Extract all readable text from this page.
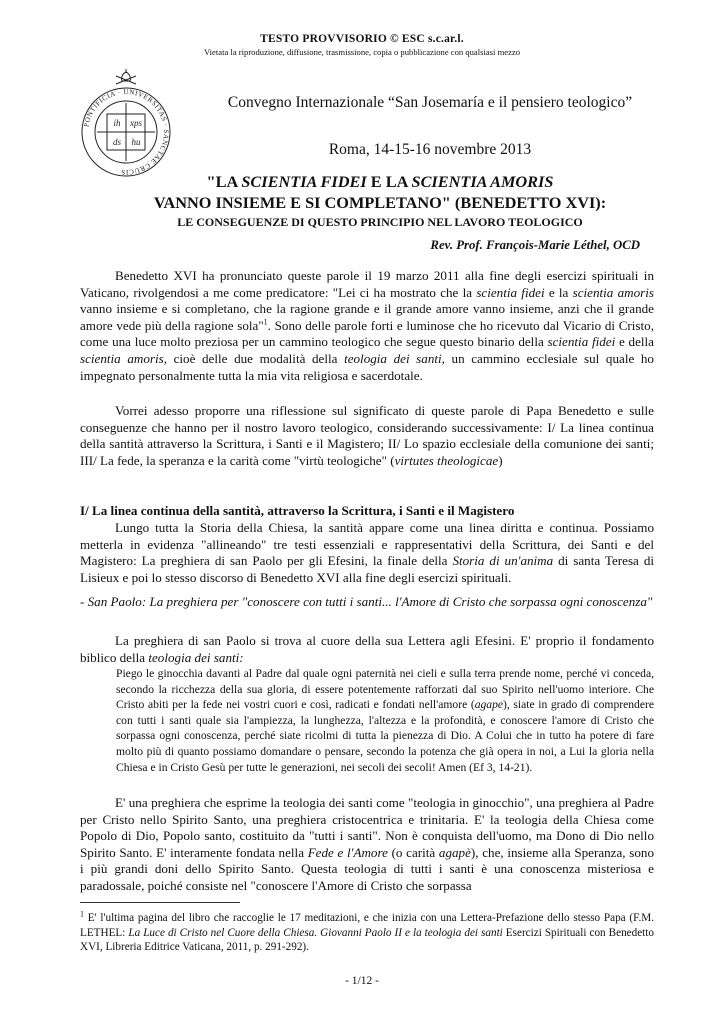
TESTO PROVVISORIO © ESC s.c.ar.l.
Vietata la riproduzione, diffusione, trasmissione, copia o pubblicazione con qualsiasi mezzo
PONTIFICIA · UNIVERSITAS · SANCTAE CRUCIS
ih xps
ds hu
Convegno Internazionale “San Josemaría e il pensiero teologico”
Roma, 14-15-16 novembre 2013
"LA SCIENTIA FIDEI E LA SCIENTIA AMORIS
VANNO INSIEME E SI COMPLETANO" (BENEDETTO XVI):
LE CONSEGUENZE DI QUESTO PRINCIPIO NEL LAVORO TEOLOGICO
Rev. Prof. François-Marie Léthel, OCD

Benedetto XVI ha pronunciato queste parole il 19 marzo 2011 alla fine degli esercizi spirituali in Vaticano, rivolgendosi a me come predicatore: "Lei ci ha mostrato che la scientia fidei e la scientia amoris vanno insieme e si completano, che la ragione grande e il grande amore vanno insieme, anzi che il grande amore vede più della ragione sola"$^1$. Sono delle parole forti e luminose che ho ricevuto dal Vicario di Cristo, come una luce molto preziosa per un cammino teologico che segue questo binario della scientia fidei e della scientia amoris, cioè delle due modalità della teologia dei santi, un cammino ecclesiale sul quale ho impegnato personalmente tutta la mia vita religiosa e sacerdotale.

Vorrei adesso proporre una riflessione sul significato di queste parole di Papa Benedetto e sulle conseguenze che hanno per il nostro lavoro teologico, considerando successivamente: I/ La linea continua della santità attraverso la Scrittura, i Santi e il Magistero; II/ Lo spazio ecclesiale della comunione dei santi; III/ La fede, la speranza e la carità come "virtù teologiche" (virtutes theologicae)

I/ La linea continua della santità, attraverso la Scrittura, i Santi e il Magistero

Lungo tutta la Storia della Chiesa, la santità appare come una linea diritta e continua. Possiamo metterla in evidenza "allineando" tre testi essenziali e rappresentativi della Scrittura, dei Santi e del Magistero: La preghiera di san Paolo per gli Efesini, la finale della Storia di un'anima di santa Teresa di Lisieux e poi lo stesso discorso di Benedetto XVI alla fine degli esercizi spirituali.

- San Paolo: La preghiera per "conoscere con tutti i santi... l'Amore di Cristo che sorpassa ogni conoscenza"

La preghiera di san Paolo si trova al cuore della sua Lettera agli Efesini. E' proprio il fondamento biblico della teologia dei santi:

Piego le ginocchia davanti al Padre dal quale ogni paternità nei cieli e sulla terra prende nome, perché vi conceda, secondo la ricchezza della sua gloria, di essere potentemente rafforzati dal suo Spirito nell'uomo interiore. Che Cristo abiti per la fede nei vostri cuori e così, radicati e fondati nell'amore (agape), siate in grado di comprendere con tutti i santi quale sia l'ampiezza, la lunghezza, l'altezza e la profondità, e conoscere l'amore di Cristo che sorpassa ogni conoscenza, perché siate ricolmi di tutta la pienezza di Dio. A Colui che in tutto ha potere di fare molto più di quanto possiamo domandare o pensare, secondo la potenza che già opera in noi, a Lui la gloria nella Chiesa e in Cristo Gesù per tutte le generazioni, nei secoli dei secoli! Amen (Ef 3, 14-21).

E' una preghiera che esprime la teologia dei santi come "teologia in ginocchio", una preghiera al Padre per Cristo nello Spirito Santo, una preghiera cristocentrica e trinitaria. E' la teologia della Chiesa come Popolo di Dio, Popolo santo, costituito da "tutti i santi". Non è conquista dell'uomo, ma Dono di Dio nello Spirito Santo. E' interamente fondata nella Fede e l'Amore (o carità agapè), che, insieme alla Speranza, sono i più grandi doni dello Spirito Santo. Questa teologia di tutti i santi è una conoscenza misteriosa e paradossale, poiché consiste nel "conoscere l'Amore di Cristo che sorpassa

$^1$ E' l'ultima pagina del libro che raccoglie le 17 meditazioni, e che inizia con una Lettera-Prefazione dello stesso Papa (F.M. LETHEL: La Luce di Cristo nel Cuore della Chiesa. Giovanni Paolo II e la teologia dei santi Esercizi Spirituali con Benedetto XVI, Libreria Editrice Vaticana, 2011, p. 291-292).
- 1/12 -
